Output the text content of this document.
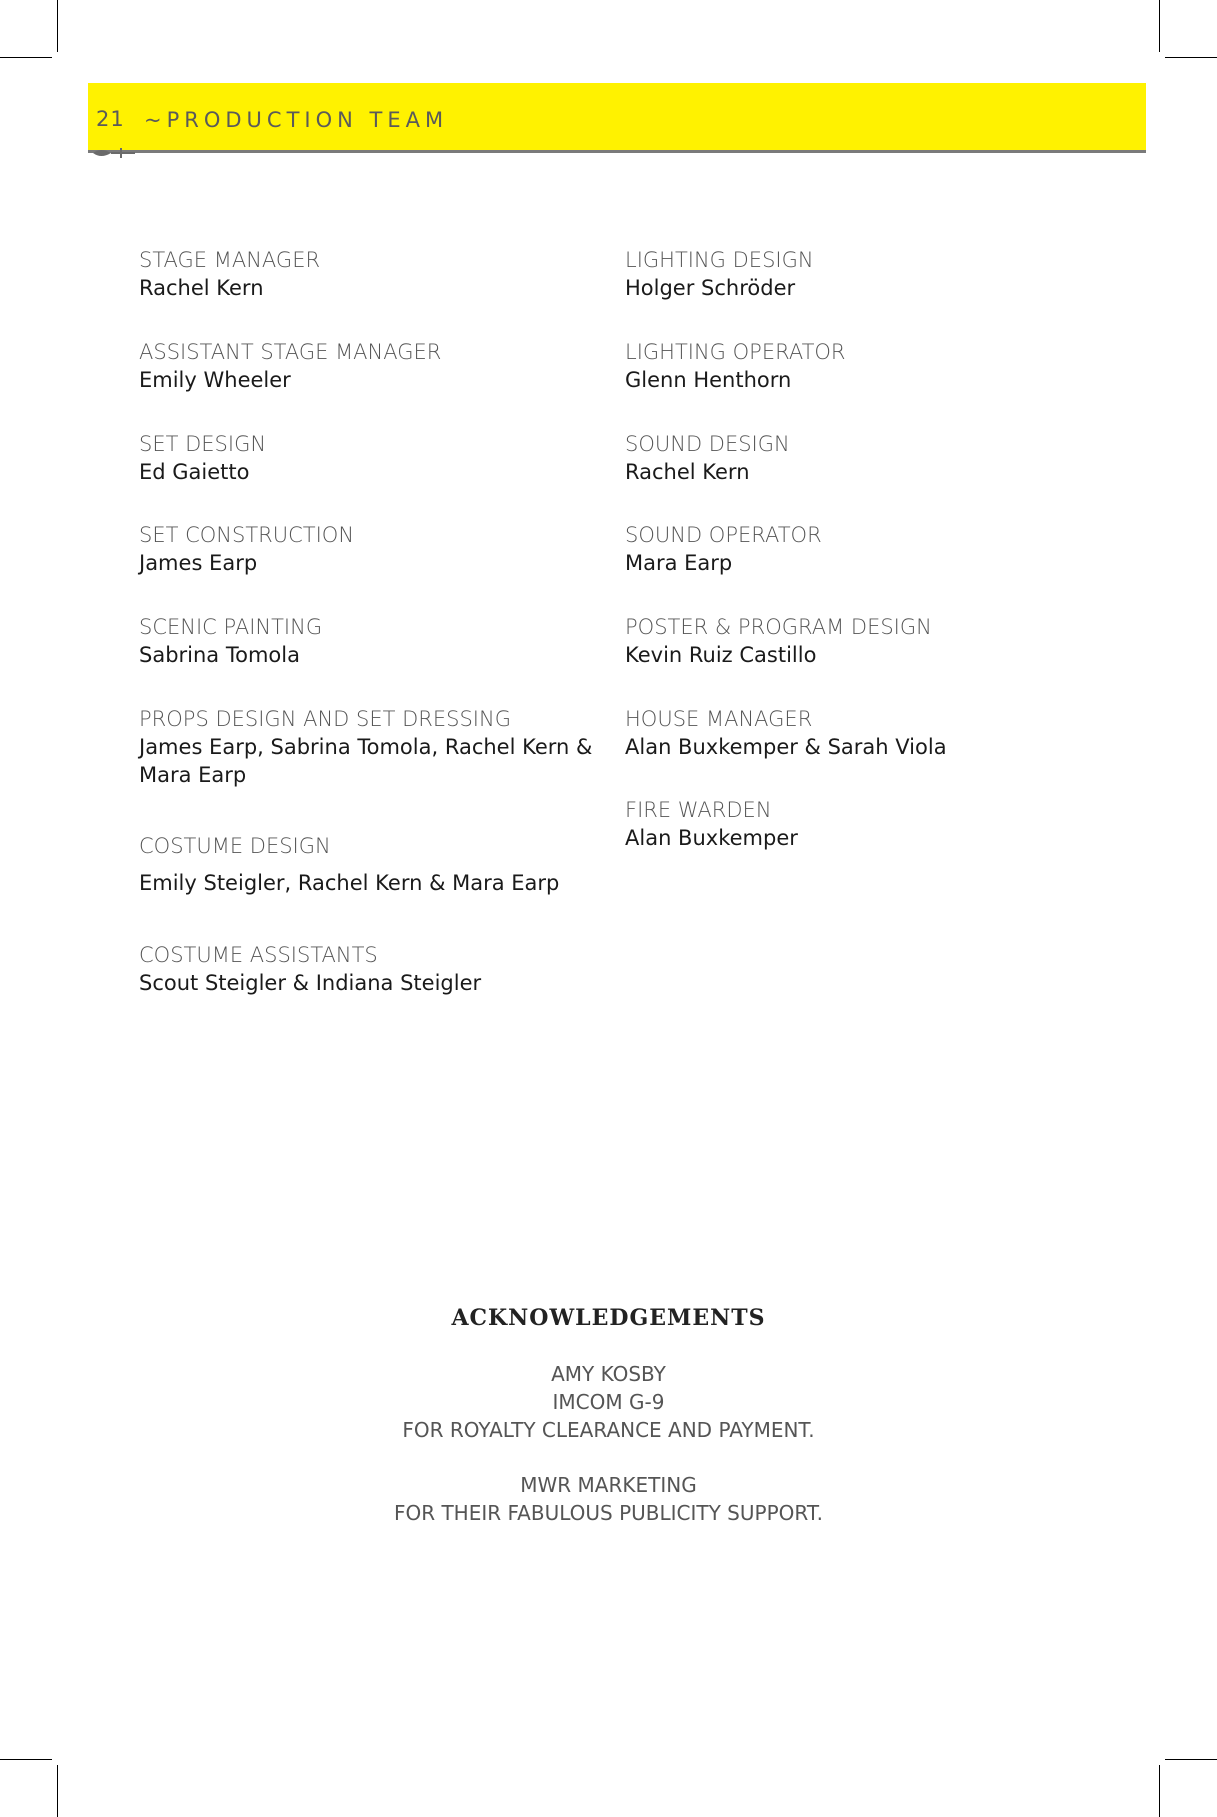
21 ~PRODUCTION TEAM
STAGE MANAGER
Rachel Kern
ASSISTANT STAGE MANAGER
Emily Wheeler
SET DESIGN
Ed Gaietto
SET CONSTRUCTION
James Earp
SCENIC PAINTING
Sabrina Tomola
PROPS DESIGN AND SET DRESSING
James Earp, Sabrina Tomola, Rachel Kern &
Mara Earp
COSTUME DESIGN
Emily Steigler, Rachel Kern & Mara Earp
COSTUME ASSISTANTS
Scout Steigler & Indiana Steigler
LIGHTING DESIGN
Holger Schröder
LIGHTING OPERATOR
Glenn Henthorn
SOUND DESIGN
Rachel Kern
SOUND OPERATOR
Mara Earp
POSTER & PROGRAM DESIGN
Kevin Ruiz Castillo
HOUSE MANAGER
Alan Buxkemper & Sarah Viola
FIRE WARDEN
Alan Buxkemper
ACKNOWLEDGEMENTS
AMY KOSBY
IMCOM G-9
FOR ROYALTY CLEARANCE AND PAYMENT.
MWR MARKETING
FOR THEIR FABULOUS PUBLICITY SUPPORT.
